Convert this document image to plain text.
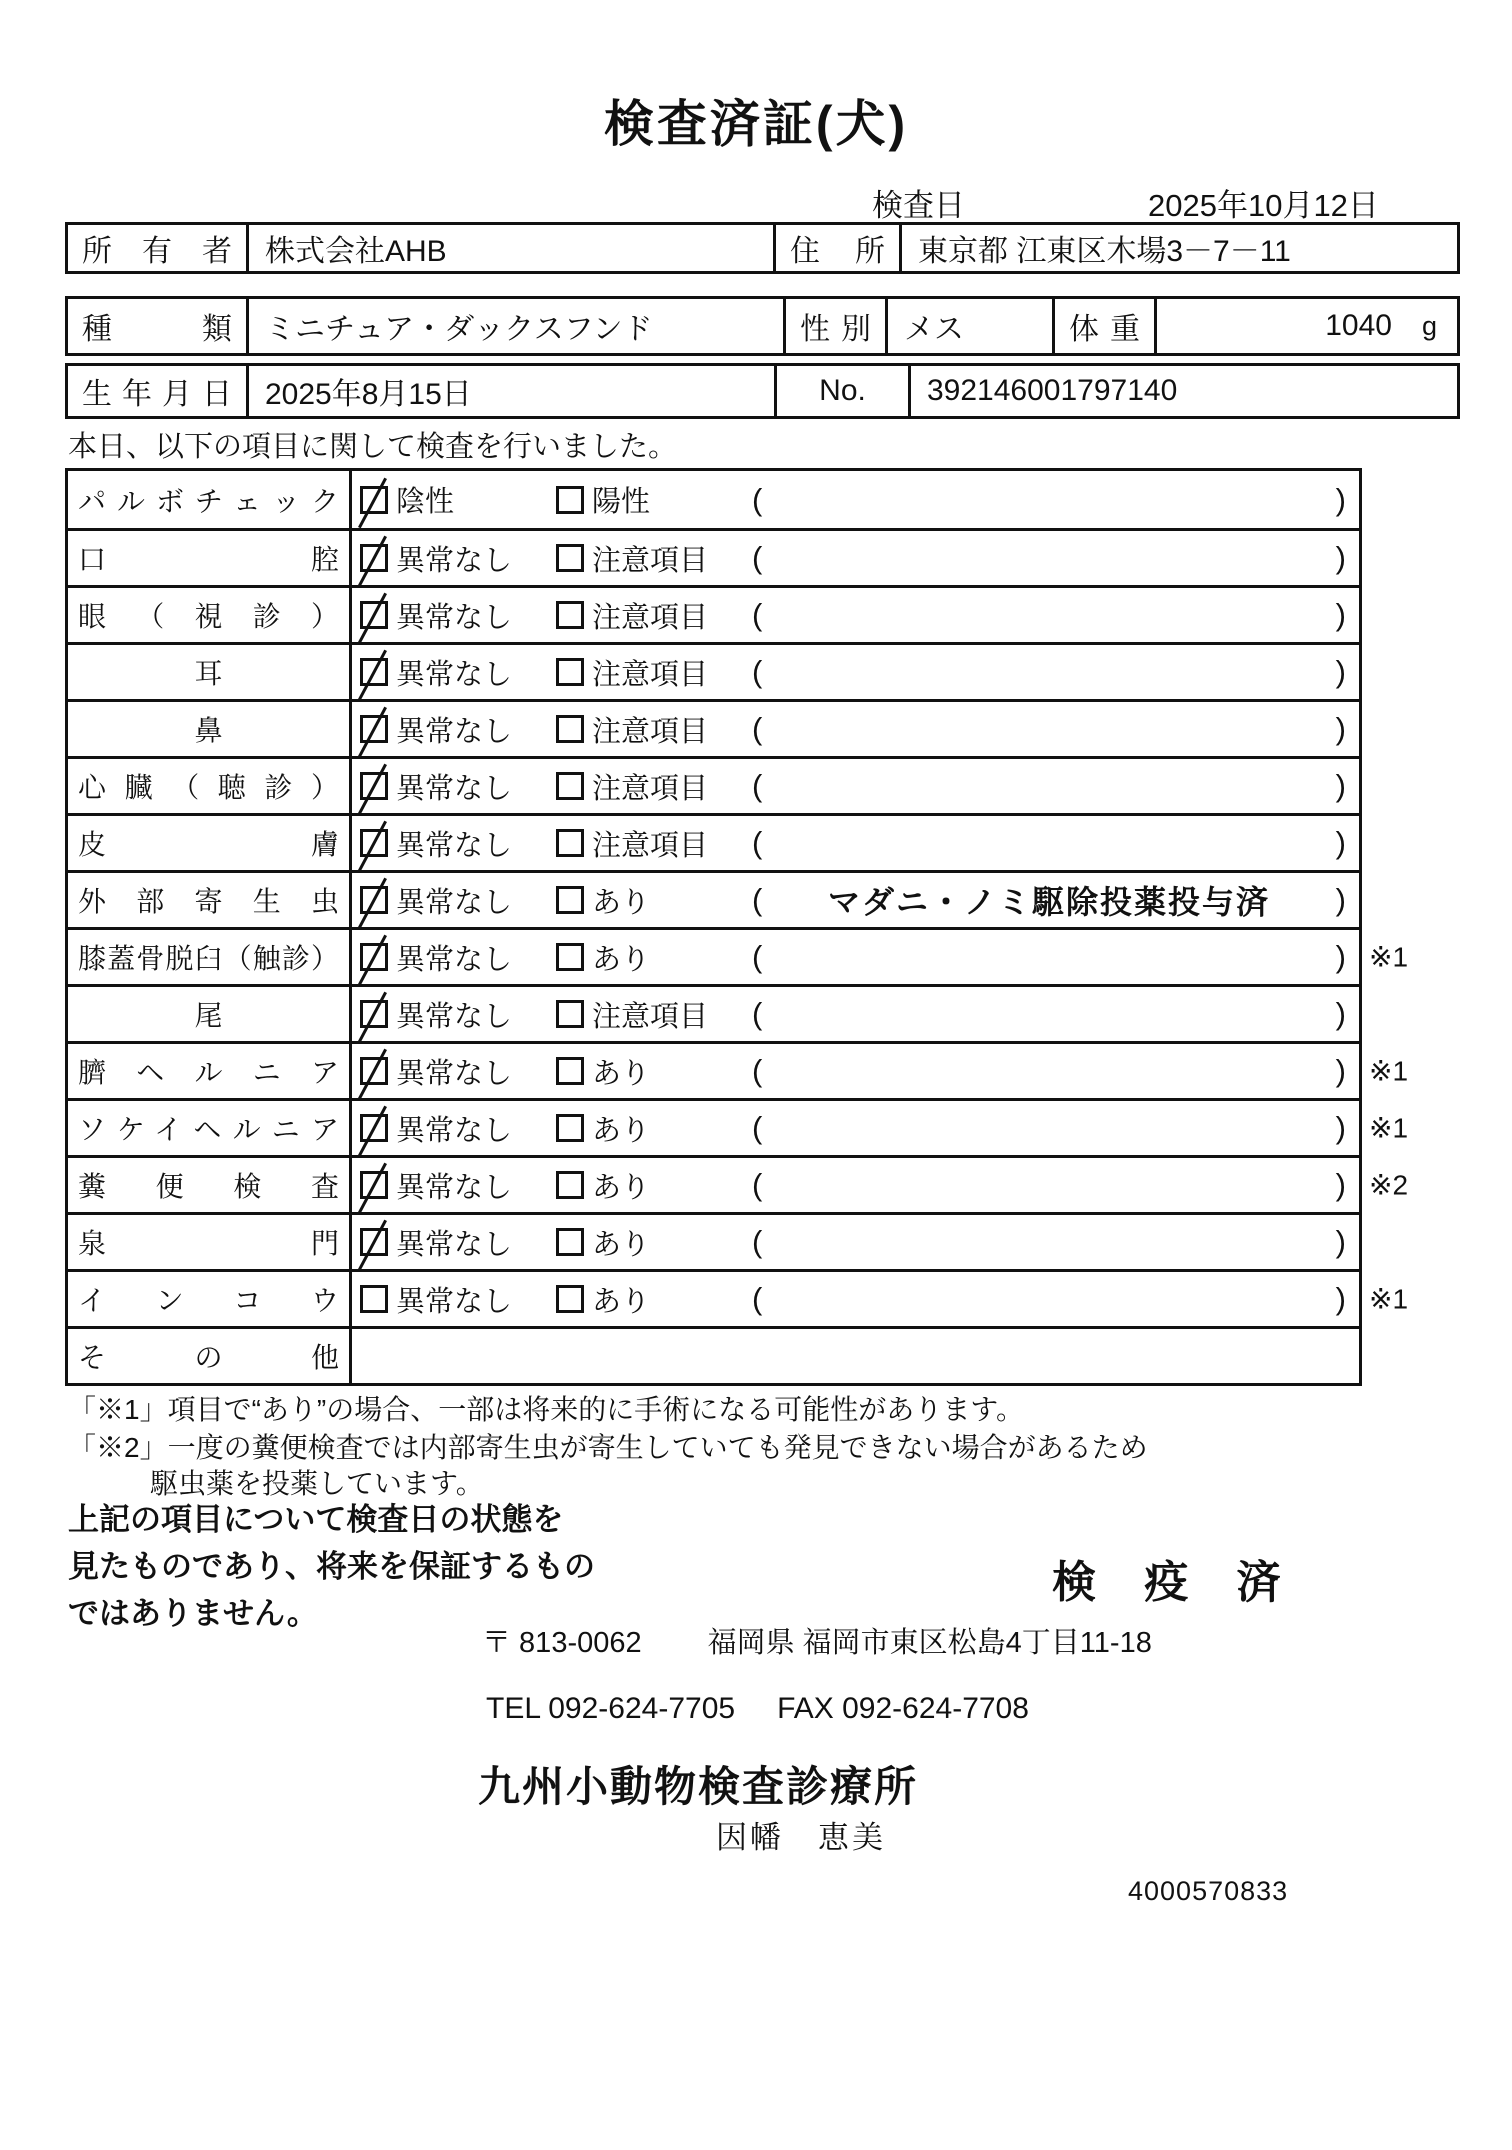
検査済証(犬)
検査日	2025年10月12日
所有者 株式会社AHB	住所 東京都 江東区木場3－7－11
種類 ミニチュア・ダックスフンド	性別 メス	体重	1040 g
生年月日 2025年8月15日	No. 392146001797140
本日、以下の項目に関して検査を行いました。
パルボチェック 陰性	陽性	(	)
口腔 異常なし	注意項目 (	)
眼（視診） 異常なし	注意項目 (	)
耳	異常なし	注意項目 (	)
鼻	異常なし	注意項目 (	)
心臓（聴診） 異常なし	注意項目 (	)
皮膚 異常なし	注意項目 (	)
外部寄生虫 異常なし	あり	(	マダニ・ノミ駆除投薬投与済	)
膝蓋骨脱臼（触診） 異常なし	あり	(	) ※1
尾	異常なし	注意項目 (	)
臍ヘルニア 異常なし	あり	(	) ※1
ソケイヘルニア 異常なし	あり	(	) ※1
糞便検査 異常なし	あり	(	) ※2
泉門 異常なし	あり	(	)
インコウ 異常なし	あり	(	) ※1
その他
「※1」項目で“あり”の場合、一部は将来的に手術になる可能性があります。
「※2」一度の糞便検査では内部寄生虫が寄生していても発見できない場合があるため
駆虫薬を投薬しています。
上記の項目について検査日の状態を
見たものであり、将来を保証するもの
ではありません。
検 疫 済
〒 813-0062 福岡県 福岡市東区松島4丁目11-18
TEL 092-624-7705 FAX 092-624-7708
九州小動物検査診療所
因幡　恵美
4000570833
